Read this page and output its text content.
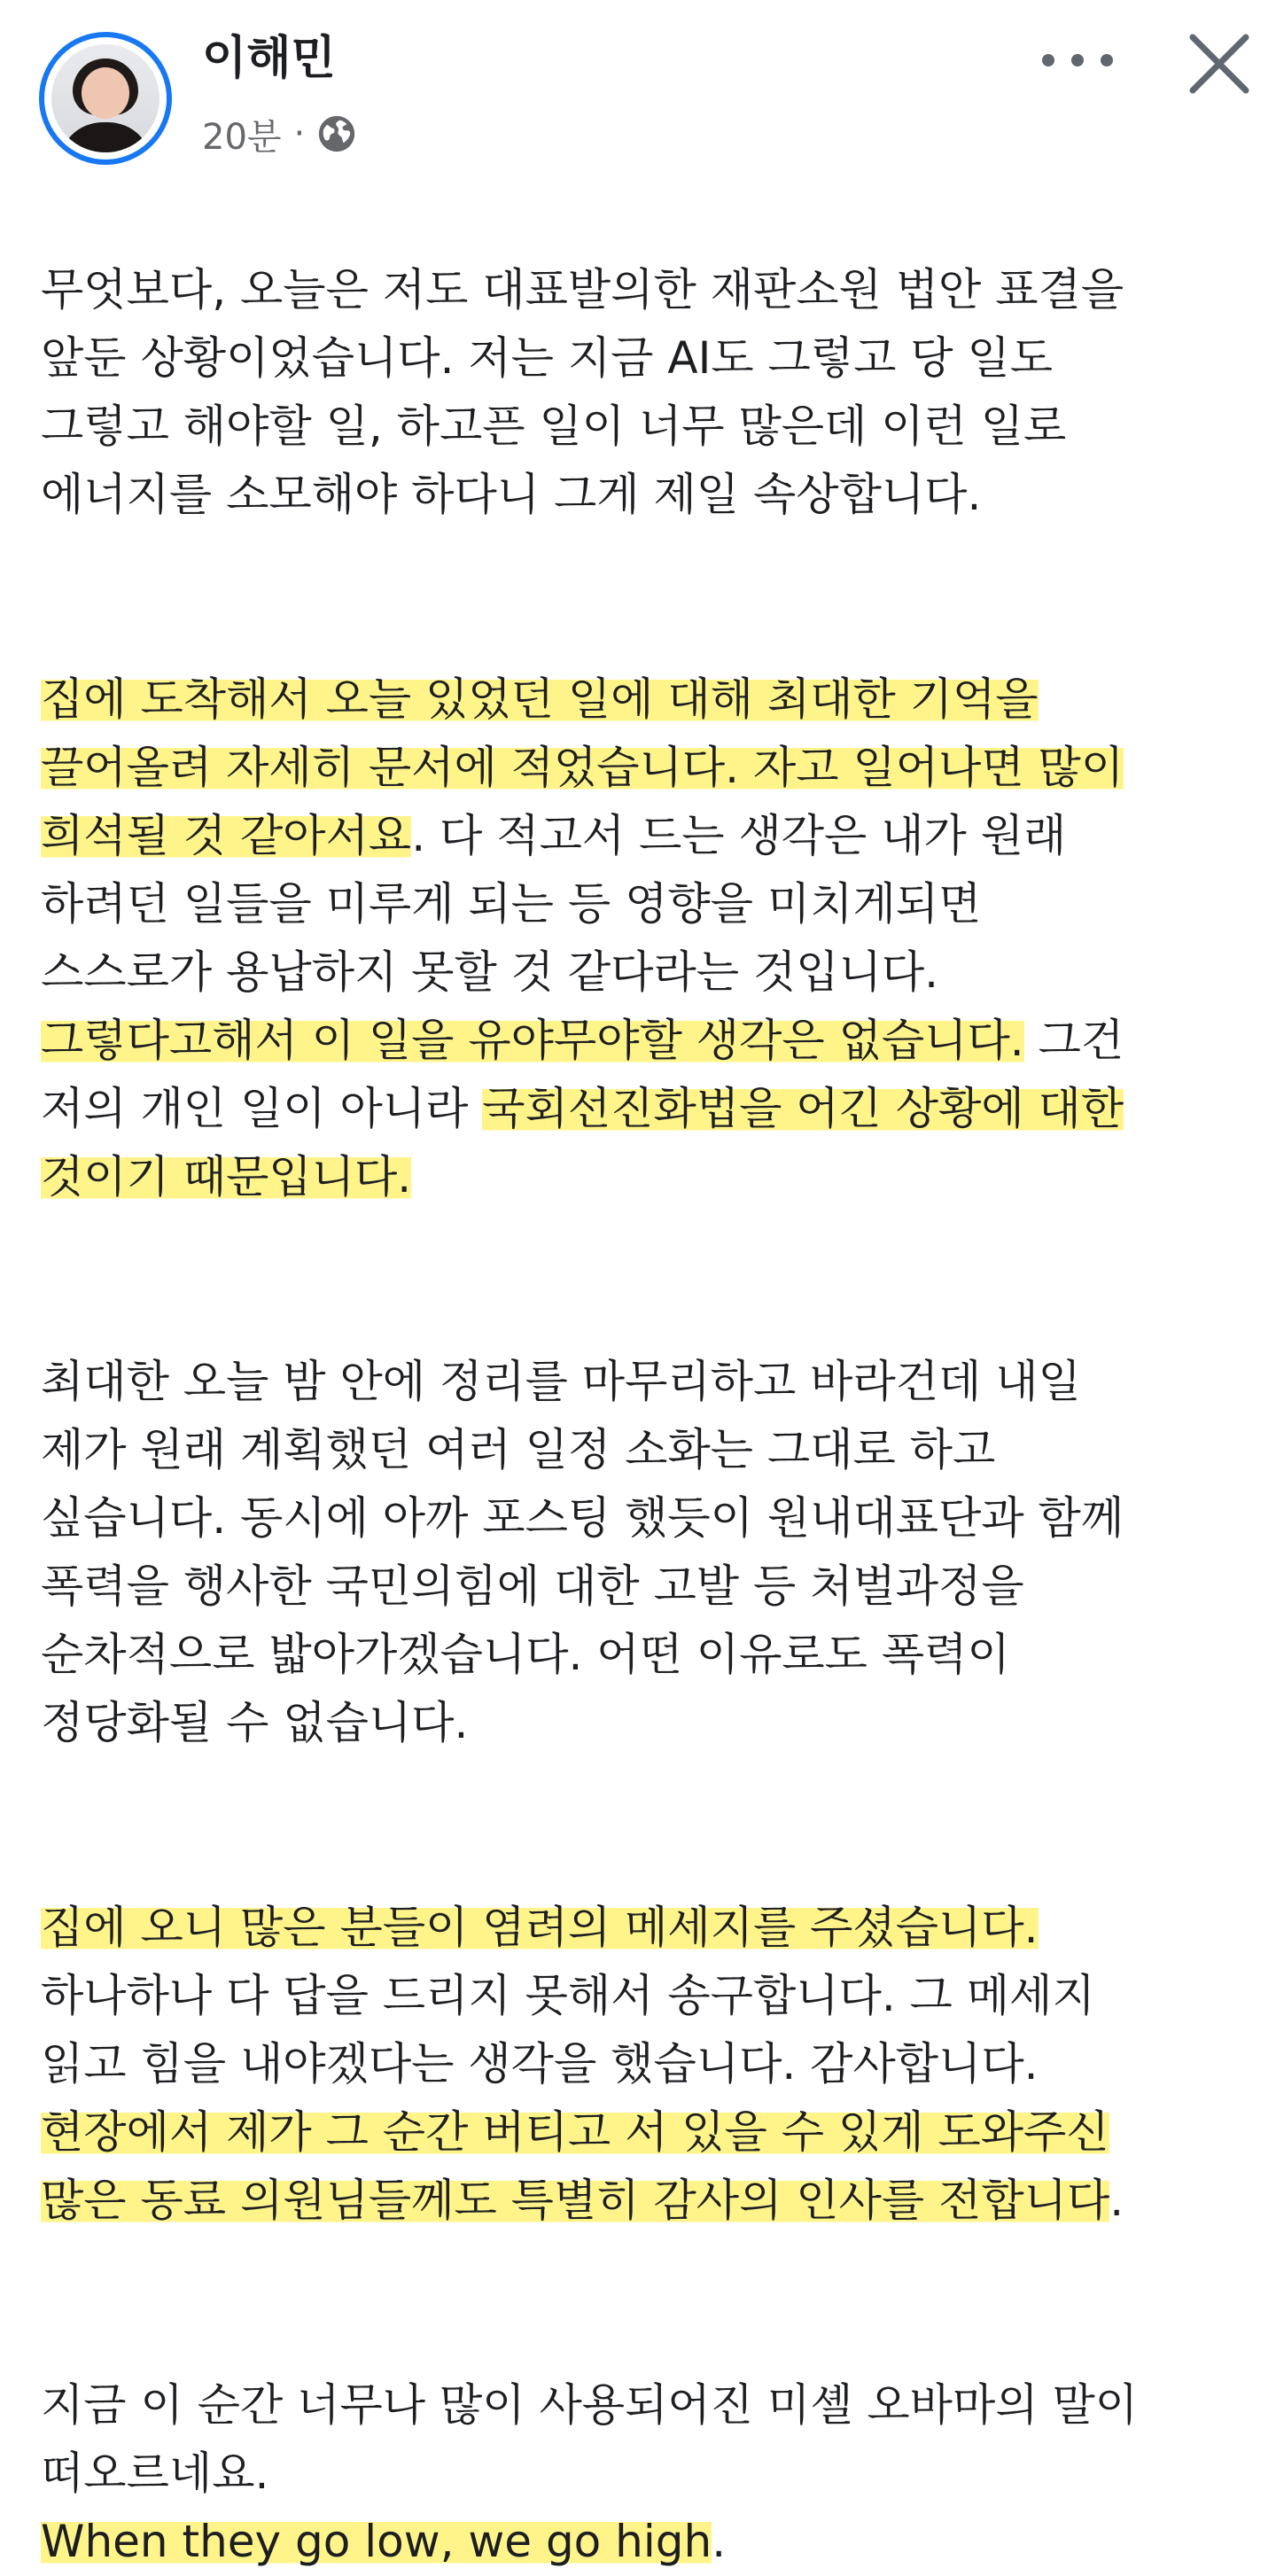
이해민
20분 ·

무엇보다, 오늘은 저도 대표발의한 재판소원 법안 표결을
앞둔 상황이었습니다. 저는 지금 AI도 그렇고 당 일도
그렇고 해야할 일, 하고픈 일이 너무 많은데 이런 일로
에너지를 소모해야 하다니 그게 제일 속상합니다.

집에 도착해서 오늘 있었던 일에 대해 최대한 기억을
끌어올려 자세히 문서에 적었습니다. 자고 일어나면 많이
희석될 것 같아서요. 다 적고서 드는 생각은 내가 원래
하려던 일들을 미루게 되는 등 영향을 미치게되면
스스로가 용납하지 못할 것 같다라는 것입니다.
그렇다고해서 이 일을 유야무야할 생각은 없습니다. 그건
저의 개인 일이 아니라 국회선진화법을 어긴 상황에 대한
것이기 때문입니다.

최대한 오늘 밤 안에 정리를 마무리하고 바라건데 내일
제가 원래 계획했던 여러 일정 소화는 그대로 하고
싶습니다. 동시에 아까 포스팅 했듯이 원내대표단과 함께
폭력을 행사한 국민의힘에 대한 고발 등 처벌과정을
순차적으로 밟아가겠습니다. 어떤 이유로도 폭력이
정당화될 수 없습니다.

집에 오니 많은 분들이 염려의 메세지를 주셨습니다.
하나하나 다 답을 드리지 못해서 송구합니다. 그 메세지
읽고 힘을 내야겠다는 생각을 했습니다. 감사합니다.
현장에서 제가 그 순간 버티고 서 있을 수 있게 도와주신
많은 동료 의원님들께도 특별히 감사의 인사를 전합니다.

지금 이 순간 너무나 많이 사용되어진 미셸 오바마의 말이
떠오르네요.
When they go low, we go high.
